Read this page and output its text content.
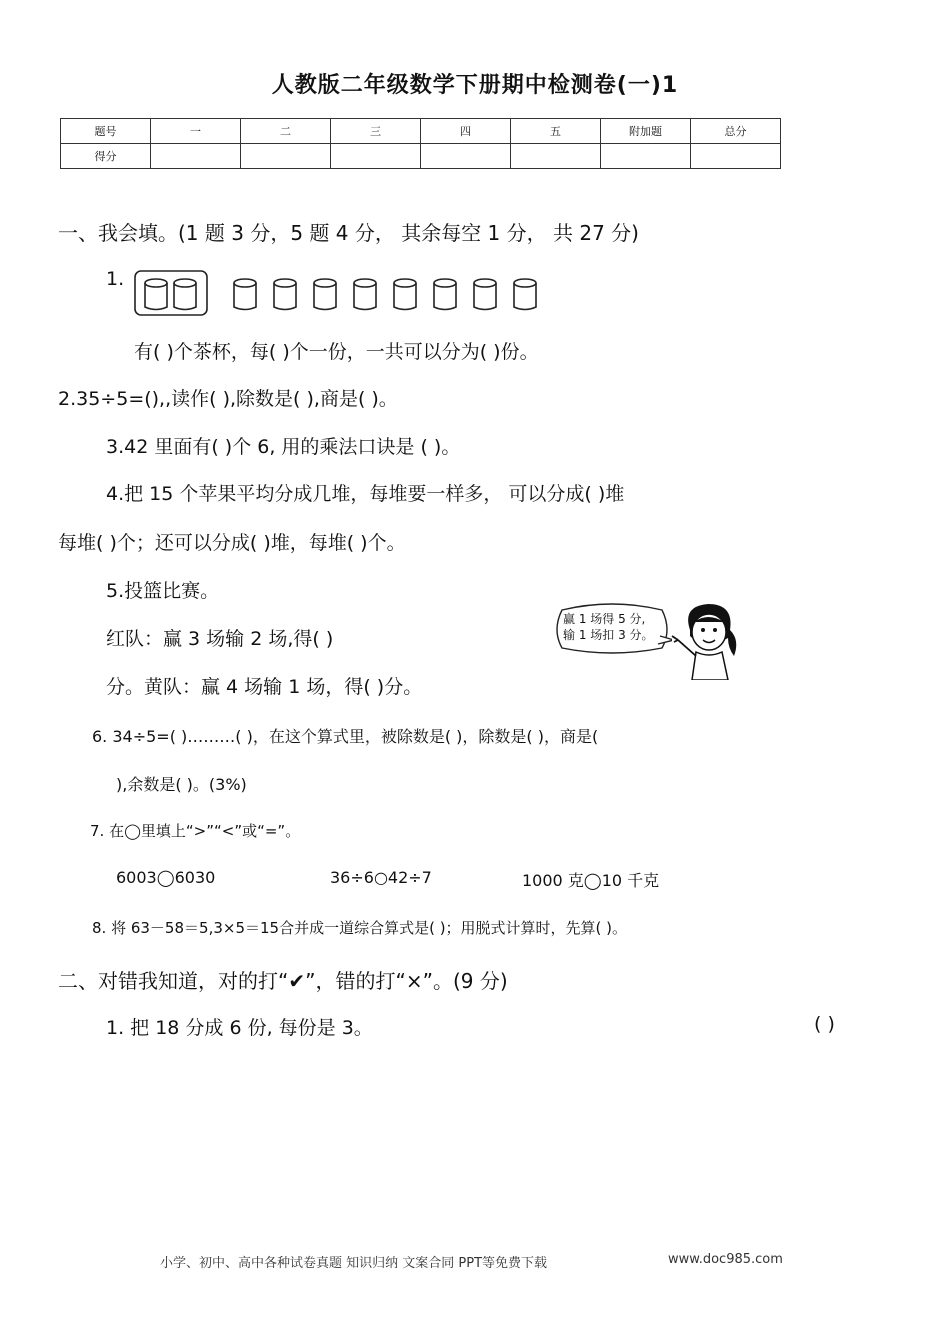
人教版二年级数学下册期中检测卷(一)1
题号	一	二	三	四	五	附加题	总分
得分							
一、我会填。(1 题 3 分，5 题 4 分， 其余每空 1 分， 共 27 分)
1.
有( )个茶杯，每( )个一份，一共可以分为( )份。
2.35÷5=(),,读作( ),除数是( ),商是( )。
3.42 里面有( )个 6, 用的乘法口诀是 ( )。
4.把 15 个苹果平均分成几堆，每堆要一样多， 可以分成( )堆
每堆( )个；还可以分成( )堆，每堆( )个。
5.投篮比赛。
红队：赢 3 场输 2 场,得( )
分。黄队：赢 4 场输 1 场，得( )分。
赢 1 场得 5 分,
输 1 场扣 3 分。
6. 34÷5=( )………( )，在这个算式里，被除数是( )，除数是( )，商是(
),余数是( )。(3%)
7. 在◯里填上“>”“<”或“=”。
6003◯6030	36÷6○42÷7	1000 克◯10 千克
8. 将 63－58＝5,3×5＝15合并成一道综合算式是( )；用脱式计算时，先算( )。
二、对错我知道，对的打“✔”，错的打“×”。(9 分)
1. 把 18 分成 6 份, 每份是 3。	( )
小学、初中、高中各种试卷真题 知识归纳 文案合同 PPT等免费下载	www.doc985.com
